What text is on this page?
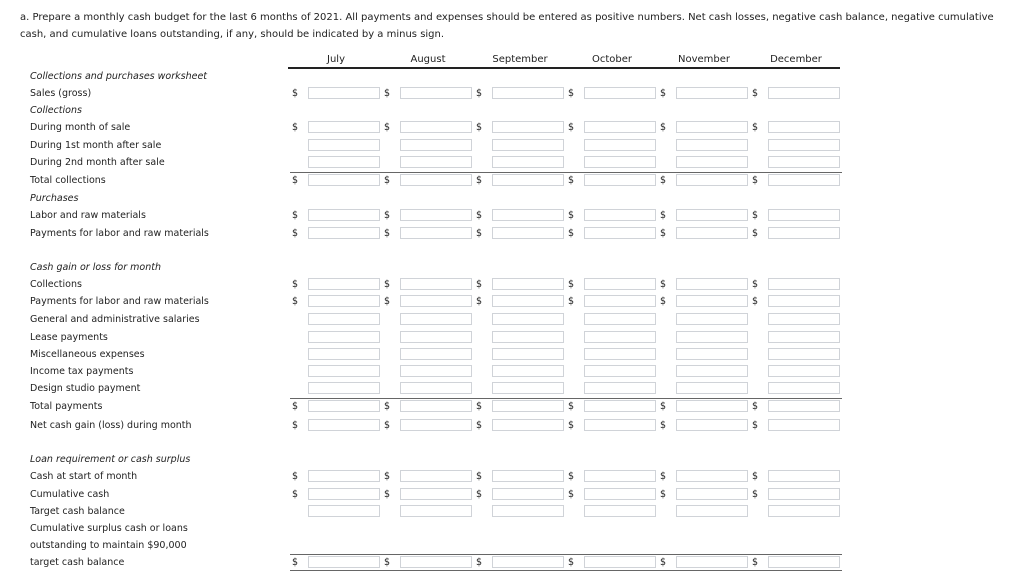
a. Prepare a monthly cash budget for the last 6 months of 2021. All payments and expenses should be entered as positive numbers. Net cash losses, negative cash balance, negative cumulative cash, and cumulative loans outstanding, if any, should be indicated by a minus sign.
July	August	September	October	November	December
Collections and purchases worksheet
Sales (gross)	$	$	$	$	$	$
Collections
During month of sale	$	$	$	$	$	$
During 1st month after sale
During 2nd month after sale
Total collections	$	$	$	$	$	$
Purchases
Labor and raw materials	$	$	$	$	$	$
Payments for labor and raw materials	$	$	$	$	$	$
Cash gain or loss for month
Collections	$	$	$	$	$	$
Payments for labor and raw materials	$	$	$	$	$	$
General and administrative salaries
Lease payments
Miscellaneous expenses
Income tax payments
Design studio payment
Total payments	$	$	$	$	$	$
Net cash gain (loss) during month	$	$	$	$	$	$
Loan requirement or cash surplus
Cash at start of month	$	$	$	$	$	$
Cumulative cash	$	$	$	$	$	$
Target cash balance
Cumulative surplus cash or loans
outstanding to maintain $90,000
target cash balance	$	$	$	$	$	$
